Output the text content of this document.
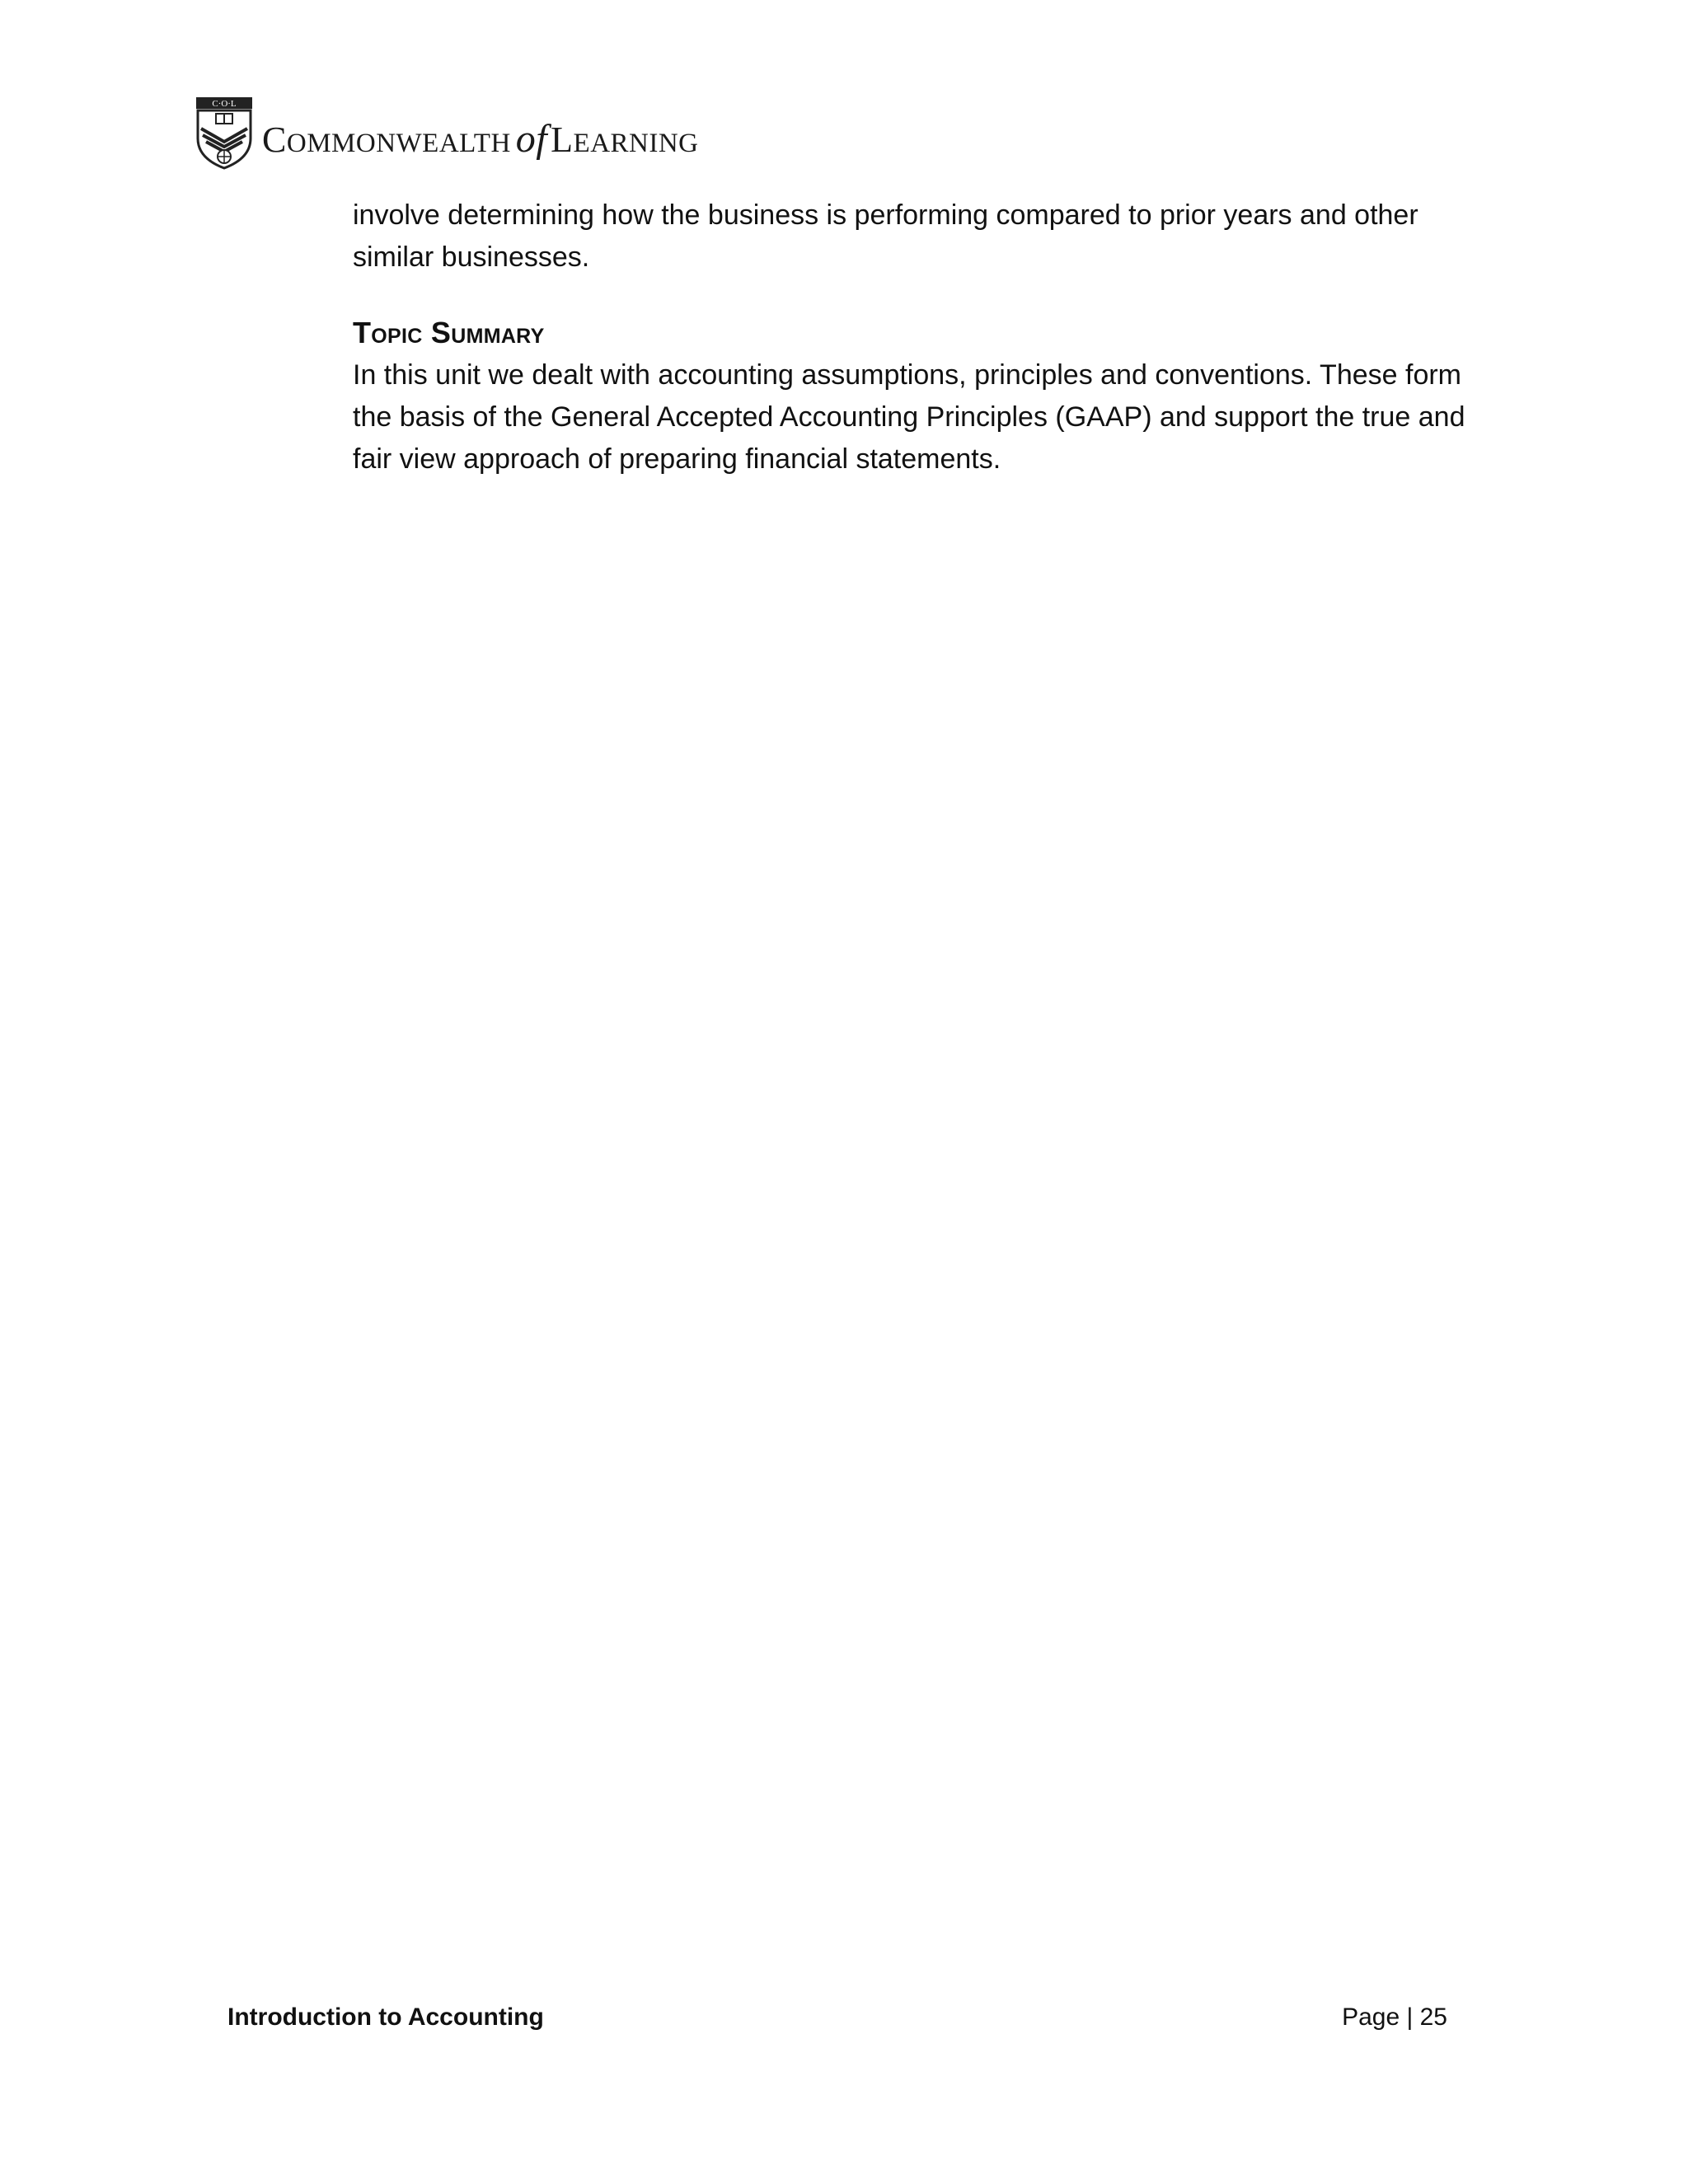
C·O·L
C OMMONWEALTH of L EARNING

involve determining how the business is performing compared to prior years and other similar businesses.

Topic Summary

In this unit we dealt with accounting assumptions, principles and conventions. These form the basis of the General Accepted Accounting Principles (GAAP) and support the true and fair view approach of preparing financial statements.

Introduction to Accounting	Page | 25
